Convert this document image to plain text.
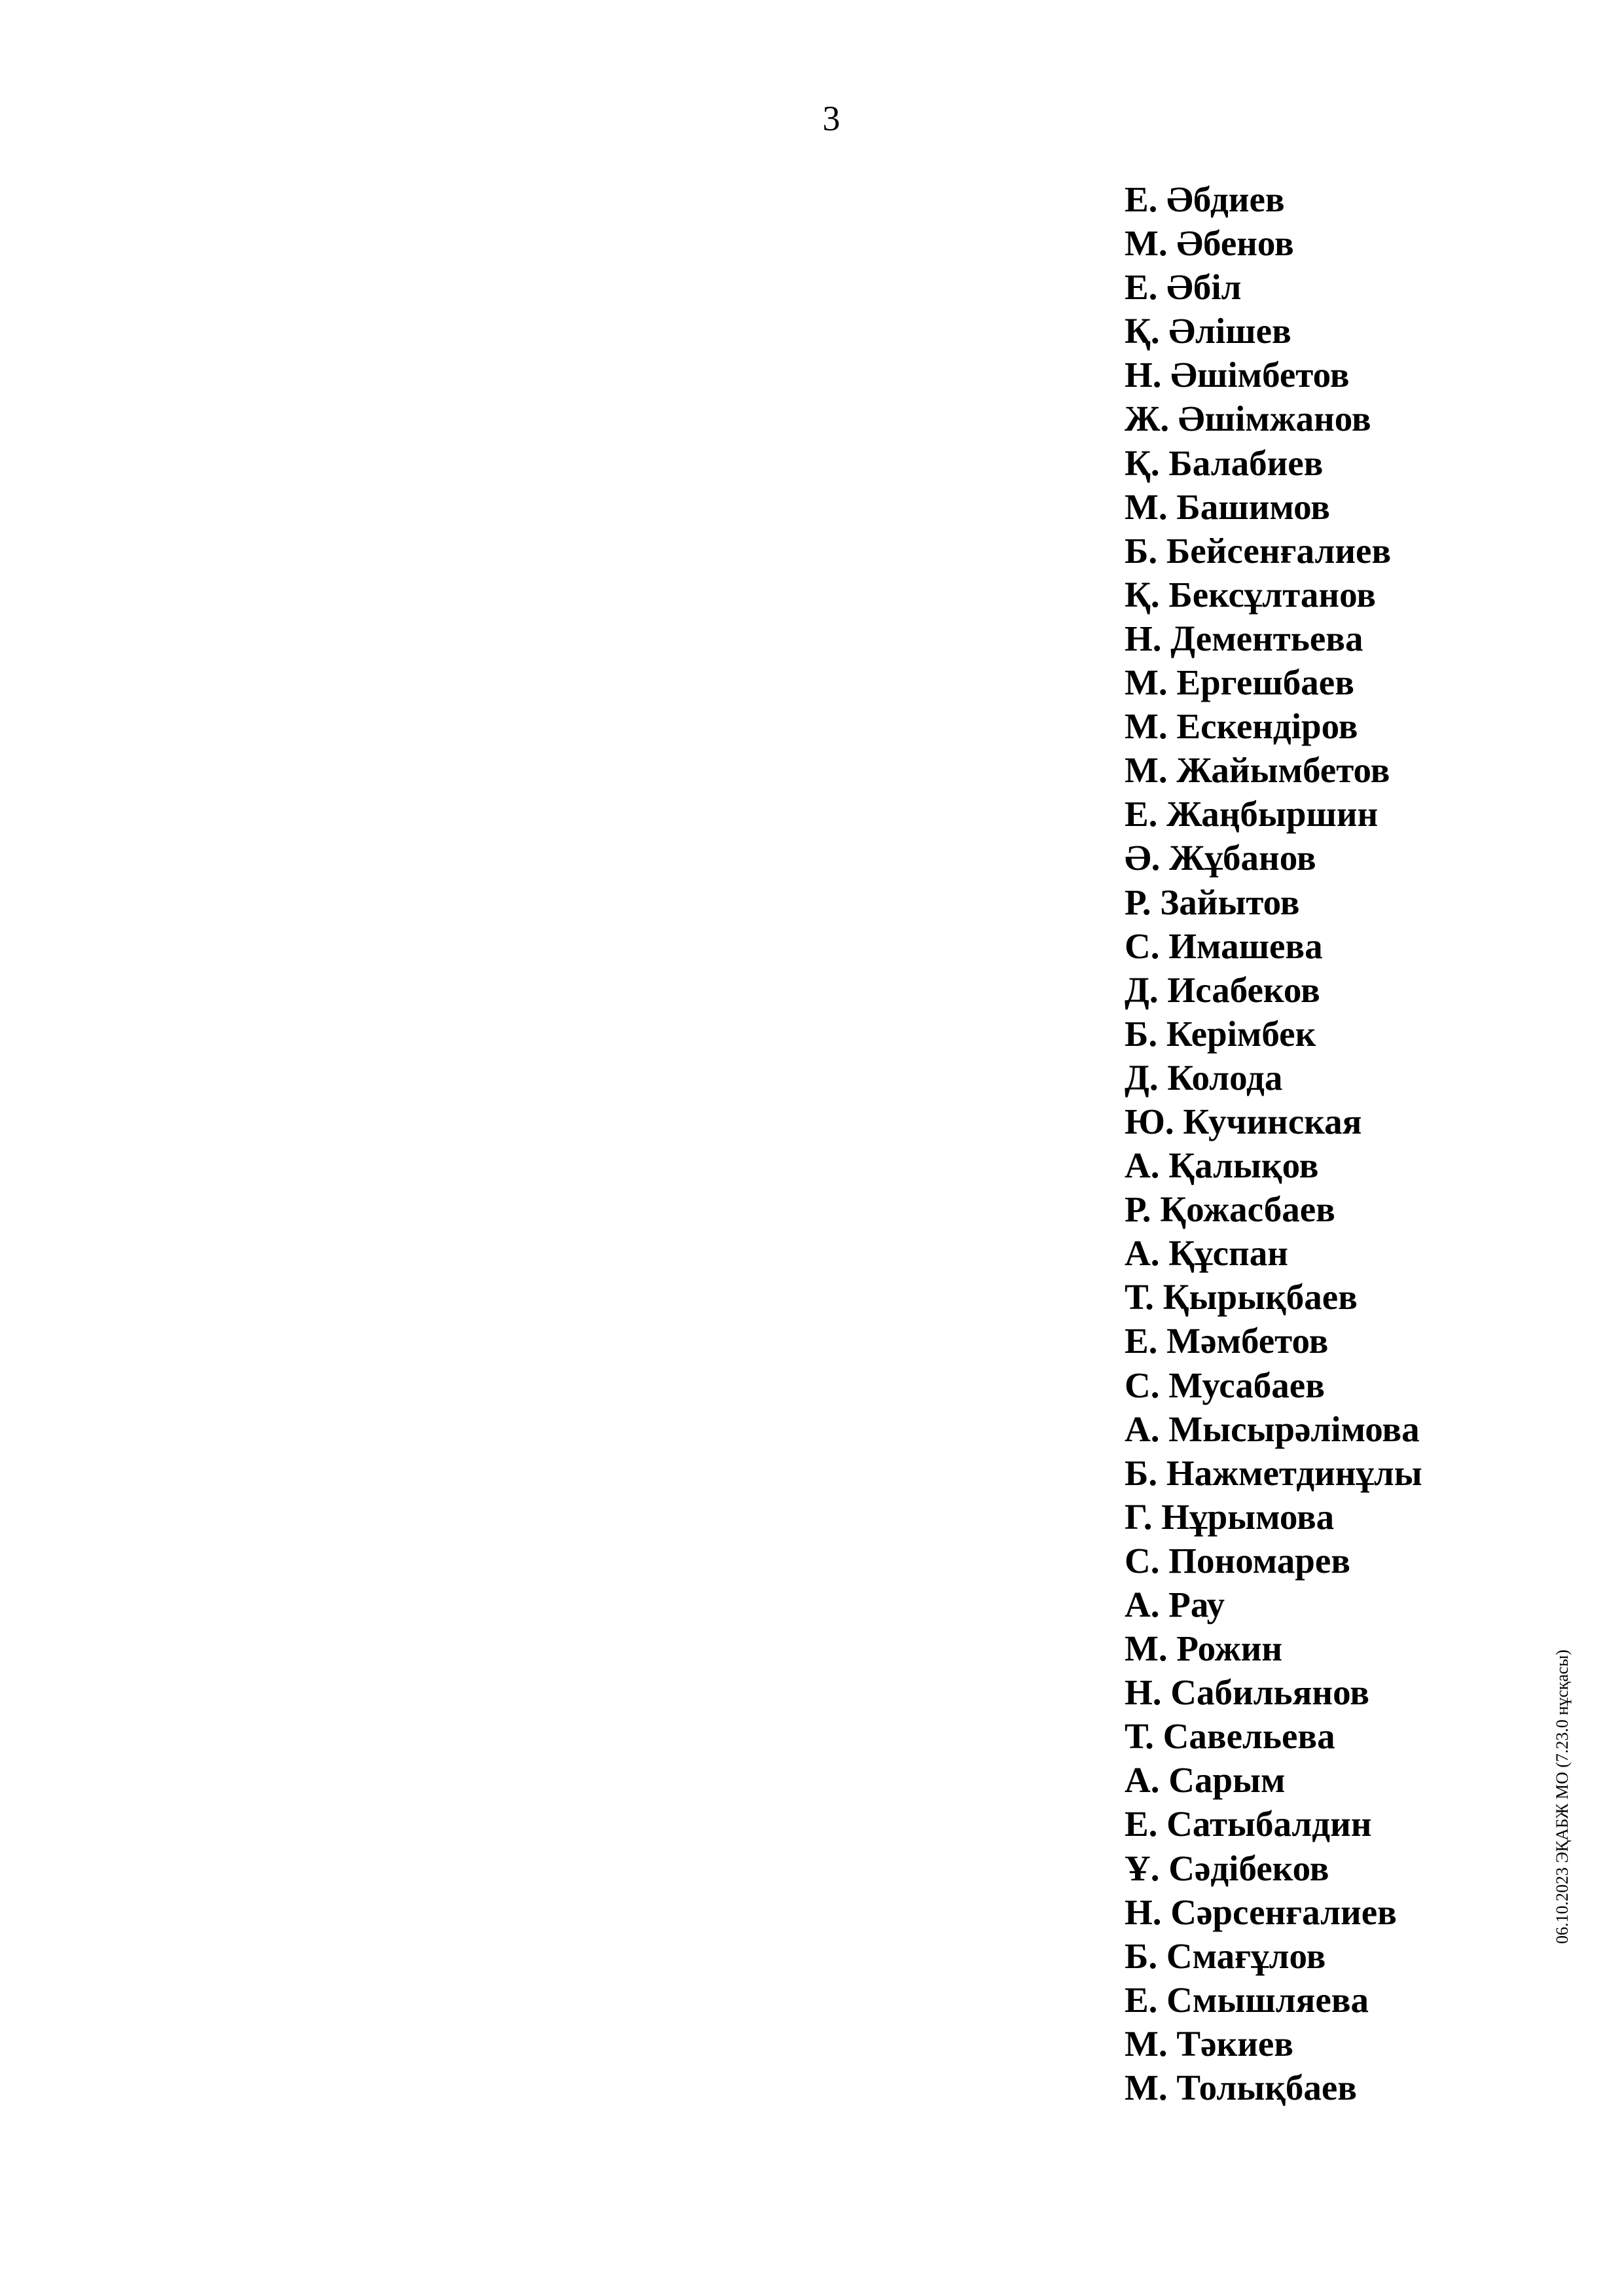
3
Е. Әбдиев
М. Әбенов
Е. Әбіл
Қ. Әлішев
Н. Әшімбетов
Ж. Әшімжанов
Қ. Балабиев
М. Башимов
Б. Бейсенғалиев
Қ. Бексұлтанов
Н. Дементьева
М. Ергешбаев
М. Ескендіров
М. Жайымбетов
Е. Жаңбыршин
Ә. Жұбанов
Р. Зайытов
С. Имашева
Д. Исабеков
Б. Керімбек
Д. Колода
Ю. Кучинская
А. Қалықов
Р. Қожасбаев
А. Құспан
Т. Қырықбаев
Е. Мәмбетов
С. Мусабаев
А. Мысырәлімова
Б. Нажметдинұлы
Г. Нұрымова
С. Пономарев
А. Рау
М. Рожин
Н. Сабильянов
Т. Савельева
А. Сарым
Е. Сатыбалдин
Ұ. Сәдібеков
Н. Сәрсенғалиев
Б. Смағұлов
Е. Смышляева
М. Тәкиев
М. Толықбаев
06.10.2023 ЭҚАБЖ МО (7.23.0 нұсқасы)
